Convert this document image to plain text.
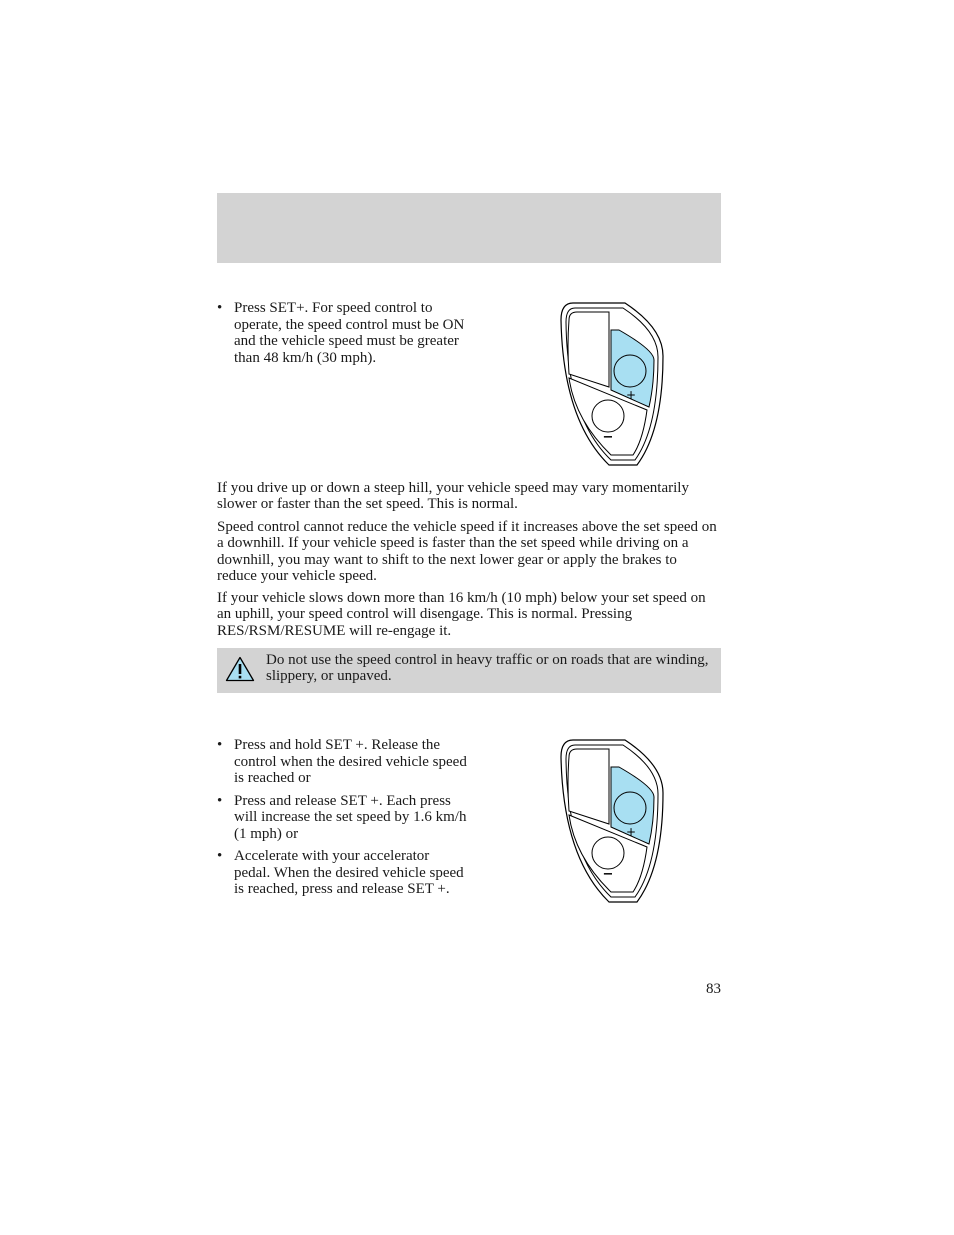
• Press SET+. For speed control to operate, the speed control must be ON and the vehicle speed must be greater than 48 km/h (30 mph).
+
−

If you drive up or down a steep hill, your vehicle speed may vary momentarily slower or faster than the set speed. This is normal.

Speed control cannot reduce the vehicle speed if it increases above the set speed on a downhill. If your vehicle speed is faster than the set speed while driving on a downhill, you may want to shift to the next lower gear or apply the brakes to reduce your vehicle speed.

If your vehicle slows down more than 16 km/h (10 mph) below your set speed on an uphill, your speed control will disengage. This is normal. Pressing RES/RSM/RESUME will re-engage it.

Do not use the speed control in heavy traffic or on roads that are winding, slippery, or unpaved.

• Press and hold SET +. Release the control when the desired vehicle speed is reached or
• Press and release SET +. Each press will increase the set speed by 1.6 km/h (1 mph) or
• Accelerate with your accelerator pedal. When the desired vehicle speed is reached, press and release SET +.
+
−
83
